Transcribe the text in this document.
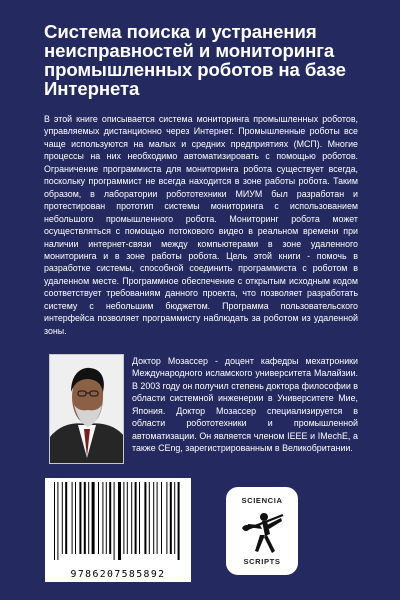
Система поиска и устранения неисправностей и мониторинга промышленных роботов на базе Интернета

В этой книге описывается система мониторинга промышленных роботов, управляемых дистанционно через Интернет. Промышленные роботы все чаще используются на малых и средних предприятиях (МСП). Многие процессы на них необходимо автоматизировать с помощью роботов. Ограничение программиста для мониторинга робота существует всегда, поскольку программист не всегда находится в зоне работы робота. Таким образом, в лаборатории робототехники МИУМ был разработан и протестирован прототип системы мониторинга с использованием небольшого промышленного робота. Мониторинг робота может осуществляться с помощью потокового видео в реальном времени при наличии интернет-связи между компьютерами в зоне удаленного мониторинга и в зоне работы робота. Цель этой книги - помочь в разработке системы, способной соединить программиста с роботом в удаленном месте. Программное обеспечение с открытым исходным кодом соответствует требованиям данного проекта, что позволяет разработать систему с небольшим бюджетом. Программа пользовательского интерфейса позволяет программисту наблюдать за роботом из удаленной зоны.

Доктор Мозассер - доцент кафедры мехатроники Международного исламского университета Малайзии. В 2003 году он получил степень доктора философии в области системной инженерии в Университете Мие, Япония. Доктор Мозассер специализируется в области робототехники и промышленной автоматизации. Он является членом IEEE и IMechE, а также CEng, зарегистрированным в Великобритании.

9786207585892
SCIENCIA
SCRIPTS
